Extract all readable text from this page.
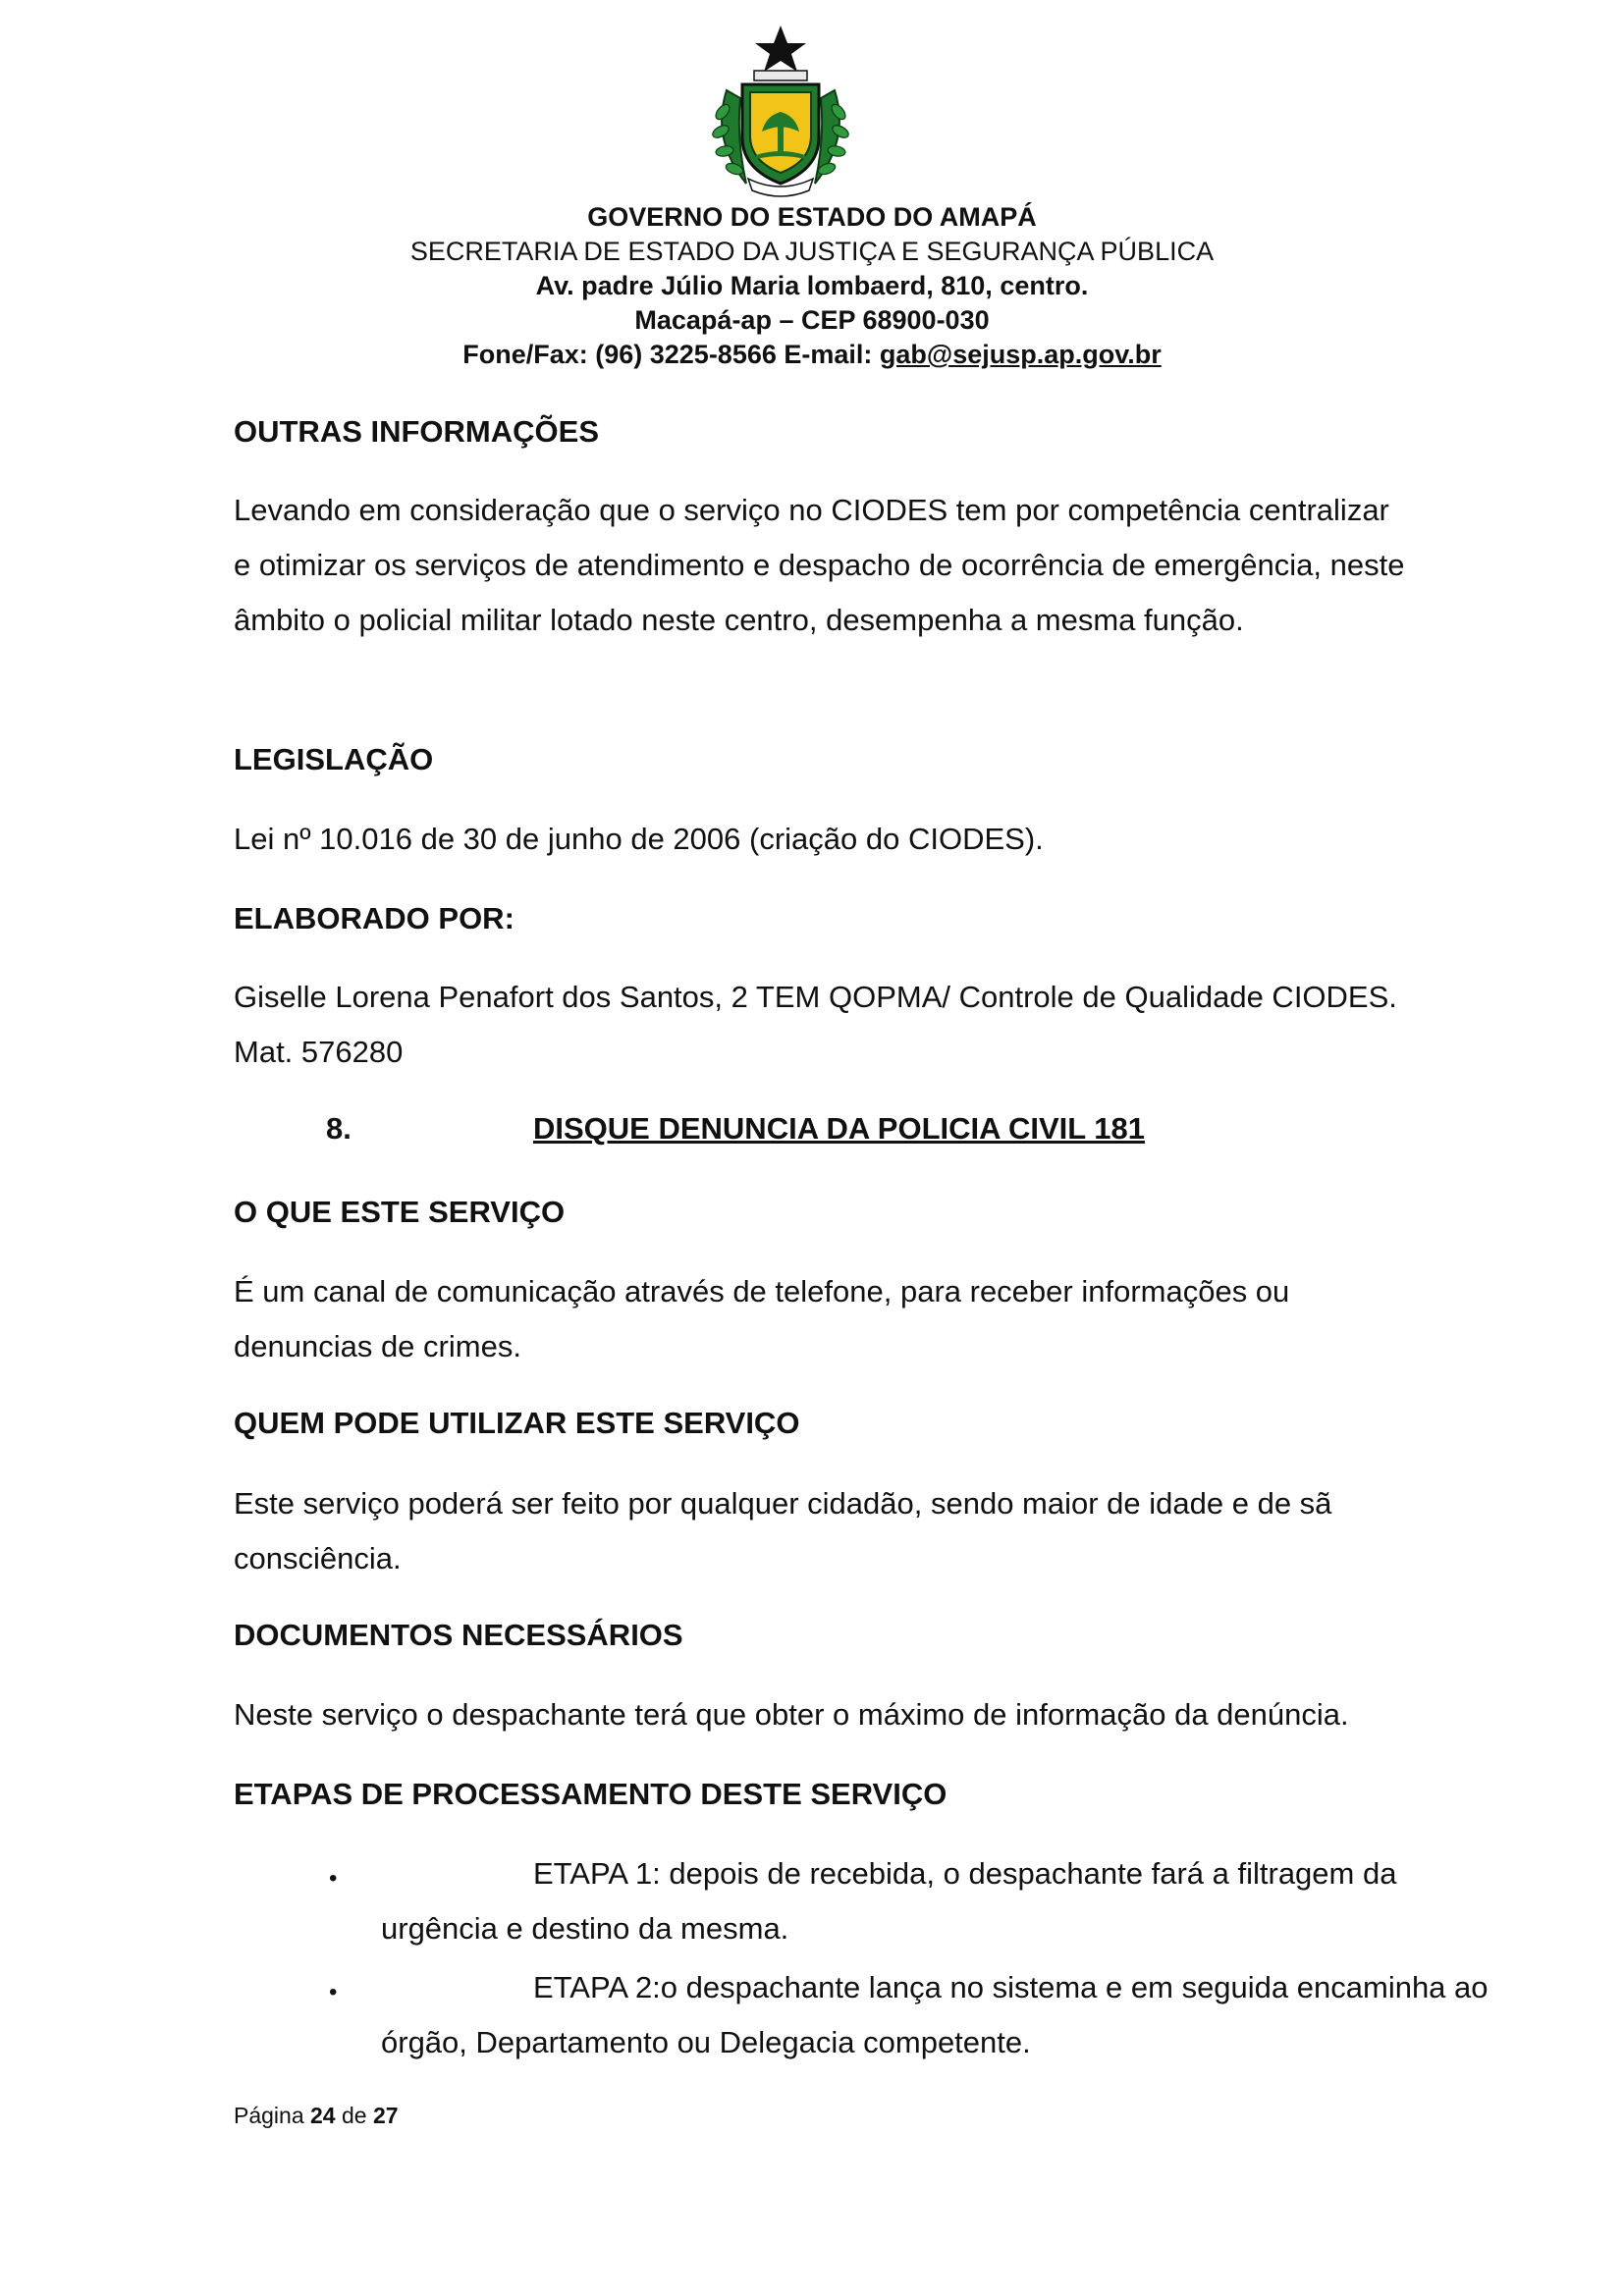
GOVERNO DO ESTADO DO AMAPÁ
SECRETARIA DE ESTADO DA JUSTIÇA E SEGURANÇA PÚBLICA
Av. padre Júlio Maria lombaerd, 810, centro.
Macapá-ap – CEP 68900-030
Fone/Fax: (96) 3225-8566 E-mail: gab@sejusp.ap.gov.br
OUTRAS INFORMAÇÕES

Levando em consideração que o serviço no CIODES tem por competência centralizar e otimizar os serviços de atendimento e despacho de ocorrência de emergência, neste âmbito o policial militar lotado neste centro, desempenha a mesma função.

LEGISLAÇÃO

Lei nº 10.016 de 30 de junho de 2006 (criação do CIODES).

ELABORADO POR:

Giselle Lorena Penafort dos Santos, 2 TEM QOPMA/ Controle de Qualidade CIODES. Mat. 576280

8.	DISQUE DENUNCIA DA POLICIA CIVIL 181
O QUE ESTE SERVIÇO

É um canal de comunicação através de telefone, para receber informações ou denuncias de crimes.

QUEM PODE UTILIZAR ESTE SERVIÇO

Este serviço poderá ser feito por qualquer cidadão, sendo maior de idade e de sã consciência.

DOCUMENTOS NECESSÁRIOS

Neste serviço o despachante terá que obter o máximo de informação da denúncia.

ETAPAS DE PROCESSAMENTO DESTE SERVIÇO
•	ETAPA 1: depois de recebida, o despachante fará a filtragem da urgência e destino da mesma.

•	ETAPA 2:o despachante lança no sistema e em seguida encaminha ao órgão, Departamento ou Delegacia competente.

Página 24 de 27
